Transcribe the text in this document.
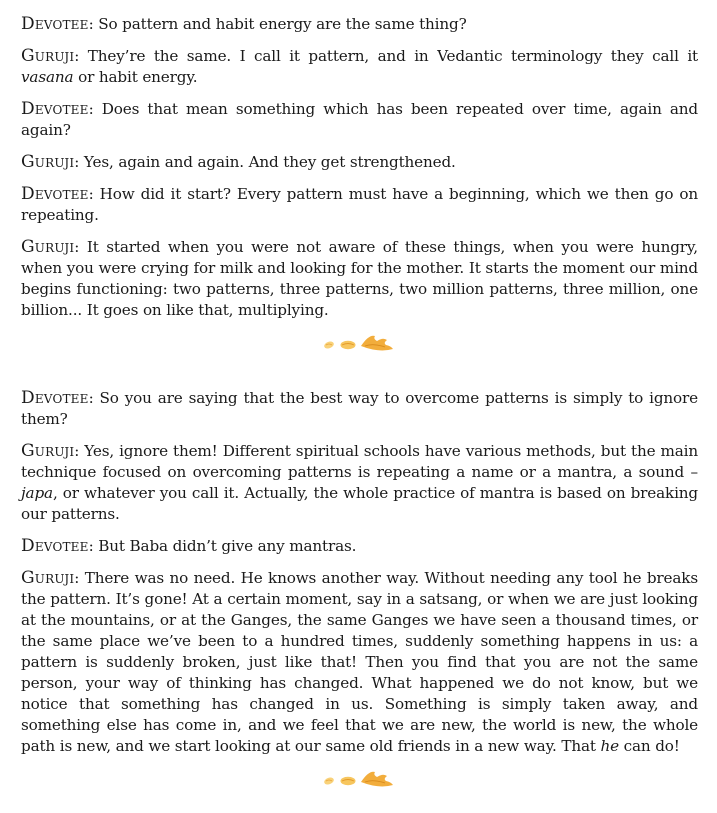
Devotee: So pattern and habit energy are the same thing?

Guruji: They’re the same. I call it pattern, and in Vedantic terminology they call it vasana or habit energy.

Devotee: Does that mean something which has been repeated over time, again and again?

Guruji: Yes, again and again. And they get strengthened.

Devotee: How did it start? Every pattern must have a beginning, which we then go on repeating.

Guruji: It started when you were not aware of these things, when you were hungry, when you were crying for milk and looking for the mother. It starts the moment our mind begins functioning: two patterns, three patterns, two million patterns, three million, one billion... It goes on like that, multiplying.

Devotee: So you are saying that the best way to overcome patterns is simply to ignore them?

Guruji: Yes, ignore them! Different spiritual schools have various methods, but the main technique focused on overcoming patterns is repeating a name or a mantra, a sound – japa, or whatever you call it. Actually, the whole practice of mantra is based on breaking our patterns.

Devotee: But Baba didn’t give any mantras.

Guruji: There was no need. He knows another way. Without needing any tool he breaks the pattern. It’s gone! At a certain moment, say in a satsang, or when we are just looking at the mountains, or at the Ganges, the same Ganges we have seen a thousand times, or the same place we’ve been to a hundred times, suddenly something happens in us: a pattern is suddenly broken, just like that! Then you find that you are not the same person, your way of thinking has changed. What happened we do not know, but we notice that something has changed in us. Something is simply taken away, and something else has come in, and we feel that we are new, the world is new, the whole path is new, and we start looking at our same old friends in a new way. That he can do!
